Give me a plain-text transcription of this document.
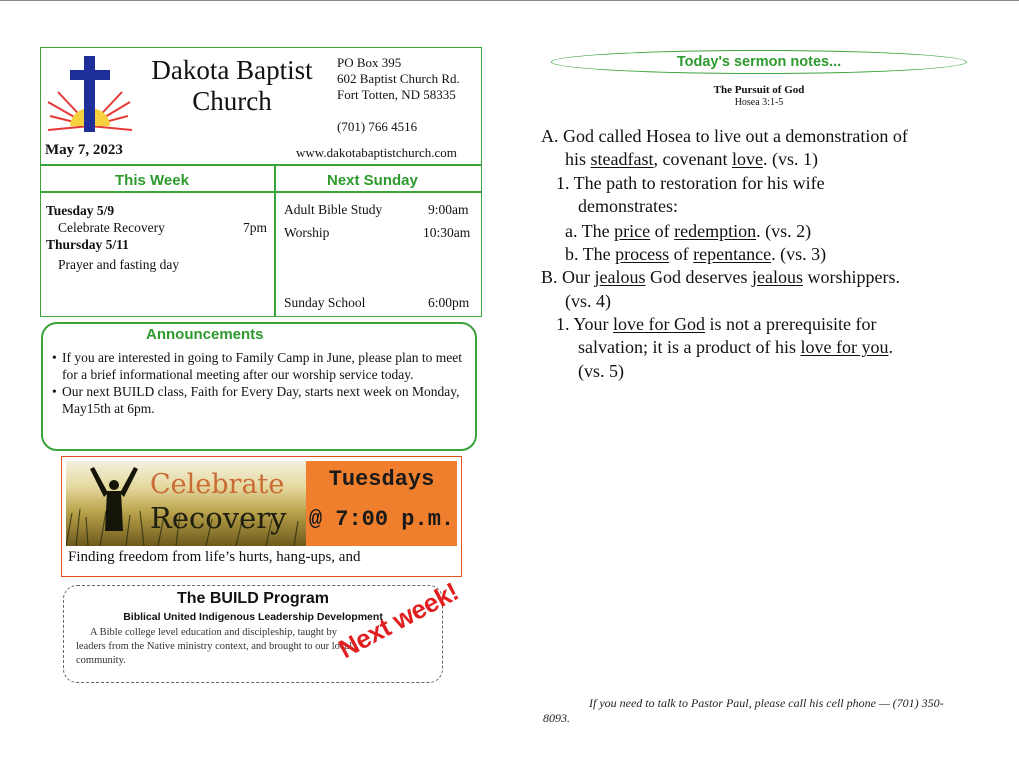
Dakota Baptist
Church
PO Box 395
602 Baptist Church Rd.
Fort Totten, ND 58335
(701) 766 4516
www.dakotabaptistchurch.com
May 7, 2023
This Week	Next Sunday
Tuesday 5/9
Celebrate Recovery	7pm
Thursday 5/11
Prayer and fasting day
Adult Bible Study	9:00am
Worship	10:30am
Sunday School	6:00pm
Announcements
• If you are interested in going to Family Camp in June, please plan to meet for a brief informational meeting after our worship service today.
• Our next BUILD class, Faith for Every Day, starts next week on Monday, May15th at 6pm.
Celebrate
Recovery
Tuesdays
@ 7:00 p.m.
Finding freedom from life’s hurts, hang-ups, and
The BUILD Program
Biblical United Indigenous Leadership Development
A Bible college level education and discipleship, taught by leaders from the Native ministry context, and brought to our local community.	Next week!
Today's sermon notes...
The Pursuit of God
Hosea 3:1-5
A. God called Hosea to live out a demonstration of
his steadfast, covenant love. (vs. 1)
1. The path to restoration for his wife
demonstrates:
a. The price of redemption. (vs. 2)
b. The process of repentance. (vs. 3)
B. Our jealous God deserves jealous worshippers.
(vs. 4)
1. Your love for God is not a prerequisite for
salvation; it is a product of his love for you.
(vs. 5)
If you need to talk to Pastor Paul, please call his cell phone — (701) 350-8093.
